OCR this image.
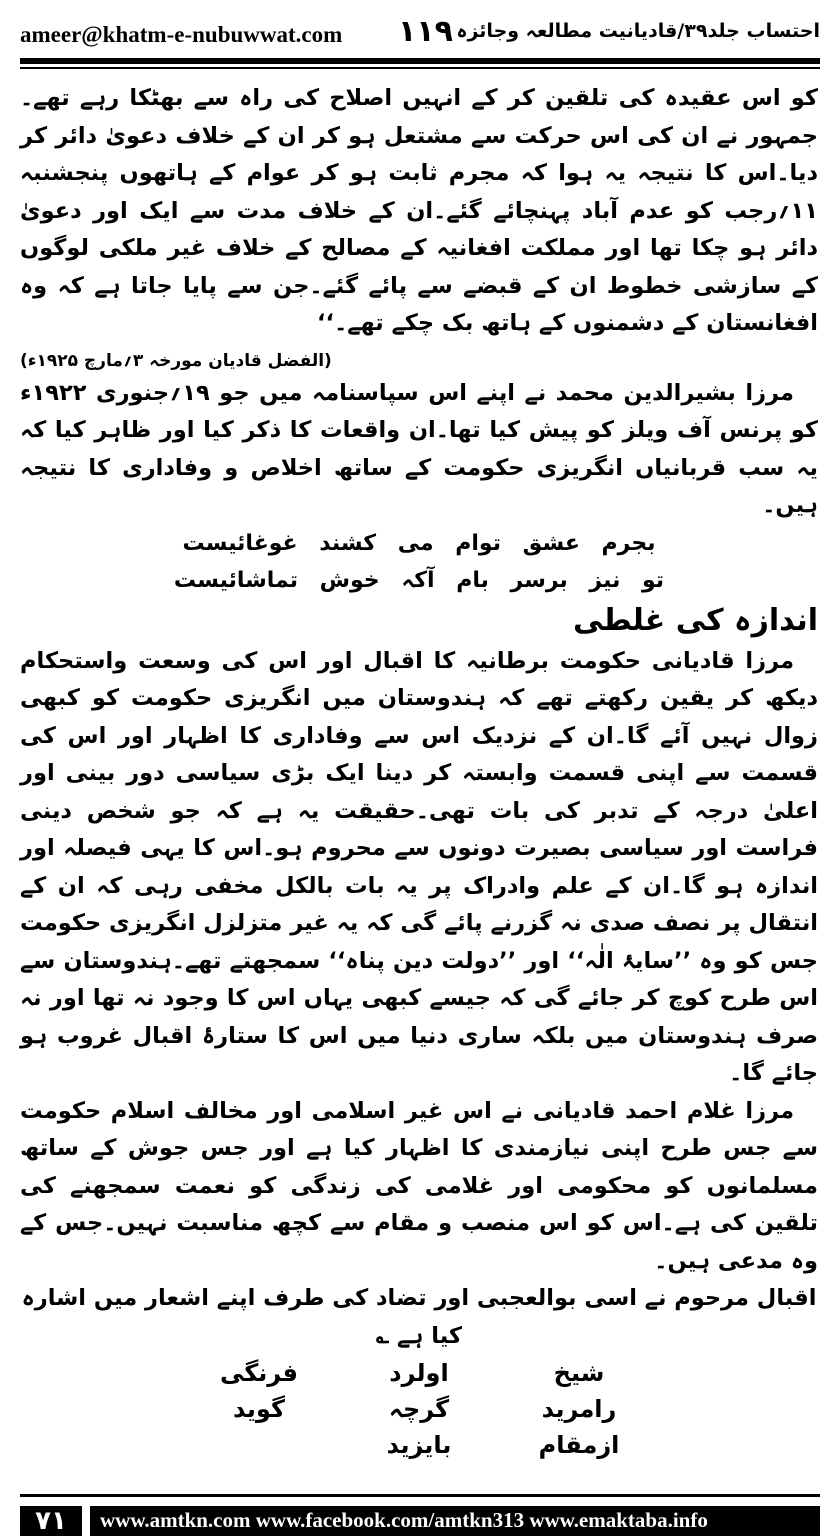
ameer@khatm-e-nubuwwat.com ۱۱۹ احتساب جلد۳۹/قادیانیت مطالعہ وجائزہ

کو اس عقیدہ کی تلقین کر کے انہیں اصلاح کی راہ سے بھٹکا رہے تھے۔جمہور نے ان کی اس حرکت سے مشتعل ہو کر ان کے خلاف دعویٰ دائر کر دیا۔اس کا نتیجہ یہ ہوا کہ مجرم ثابت ہو کر عوام کے ہاتھوں پنجشنبہ ۱۱؍رجب کو عدم آباد پہنچائے گئے۔ان کے خلاف مدت سے ایک اور دعویٰ دائر ہو چکا تھا اور مملکت افغانیہ کے مصالح کے خلاف غیر ملکی لوگوں کے سازشی خطوط ان کے قبضے سے پائے گئے۔جن سے پایا جاتا ہے کہ وہ افغانستان کے دشمنوں کے ہاتھ بک چکے تھے۔‘‘

(الفضل قادیان مورخہ ۳؍مارچ ۱۹۲۵ء)

مرزا بشیرالدین محمد نے اپنے اس سپاسنامہ میں جو ۱۹؍جنوری ۱۹۲۲ء کو پرنس آف ویلز کو پیش کیا تھا۔ان واقعات کا ذکر کیا اور ظاہر کیا کہ یہ سب قربانیاں انگریزی حکومت کے ساتھ اخلاص و وفاداری کا نتیجہ ہیں۔

بجرم عشق توام می کشند غوغائیست

تو نیز برسر بام آکہ خوش تماشائیست

اندازہ کی غلطی

مرزا قادیانی حکومت برطانیہ کا اقبال اور اس کی وسعت واستحکام دیکھ کر یقین رکھتے تھے کہ ہندوستان میں انگریزی حکومت کو کبھی زوال نہیں آئے گا۔ان کے نزدیک اس سے وفاداری کا اظہار اور اس کی قسمت سے اپنی قسمت وابستہ کر دینا ایک بڑی سیاسی دور بینی اور اعلیٰ درجہ کے تدبر کی بات تھی۔حقیقت یہ ہے کہ جو شخص دینی فراست اور سیاسی بصیرت دونوں سے محروم ہو۔اس کا یہی فیصلہ اور اندازہ ہو گا۔ان کے علم وادراک پر یہ بات بالکل مخفی رہی کہ ان کے انتقال پر نصف صدی نہ گزرنے پائے گی کہ یہ غیر متزلزل انگریزی حکومت جس کو وہ ’’سایۂ الٰہ‘‘ اور ’’دولت دین پناہ‘‘ سمجھتے تھے۔ہندوستان سے اس طرح کوچ کر جائے گی کہ جیسے کبھی یہاں اس کا وجود نہ تھا اور نہ صرف ہندوستان میں بلکہ ساری دنیا میں اس کا ستارۂ اقبال غروب ہو جائے گا۔

مرزا غلام احمد قادیانی نے اس غیر اسلامی اور مخالف اسلام حکومت سے جس طرح اپنی نیازمندی کا اظہار کیا ہے اور جس جوش کے ساتھ مسلمانوں کو محکومی اور غلامی کی زندگی کو نعمت سمجھنے کی تلقین کی ہے۔اس کو اس منصب و مقام سے کچھ مناسبت نہیں۔جس کے وہ مدعی ہیں۔

اقبال مرحوم نے اسی بوالعجبی اور تضاد کی طرف اپنے اشعار میں اشارہ کیا ہے ؎

شیخ
اولرد
فرنگی
رامرید
گرچہ
گوید
ازمقام
بایزید
۷۱	www.amtkn.com www.facebook.com/amtkn313 www.emaktaba.info
